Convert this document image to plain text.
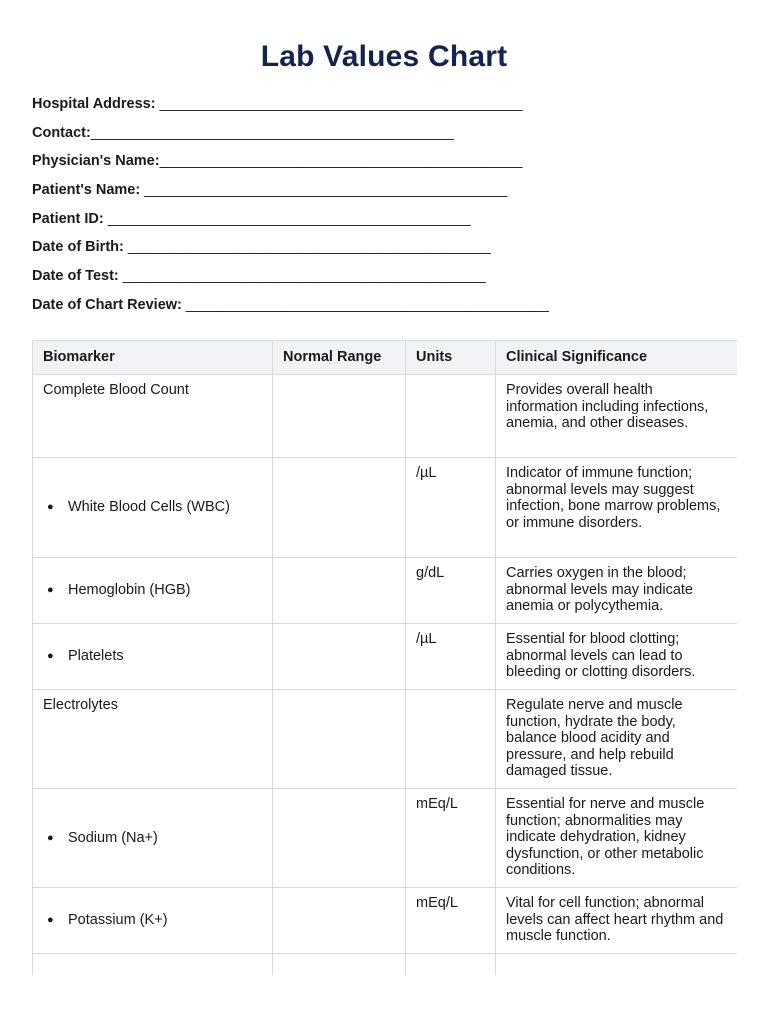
Lab Values Chart
Hospital Address: _____________________________________________
Contact:_____________________________________________
Physician's Name:_____________________________________________
Patient's Name: _____________________________________________
Patient ID: _____________________________________________
Date of Birth: _____________________________________________
Date of Test: _____________________________________________
Date of Chart Review: _____________________________________________
Biomarker	Normal Range	Units	Clinical Significance
Complete Blood Count			Provides overall health information including infections, anemia, and other diseases.
● White Blood Cells (WBC)		/µL	Indicator of immune function; abnormal levels may suggest infection, bone marrow problems, or immune disorders.
● Hemoglobin (HGB)		g/dL	Carries oxygen in the blood; abnormal levels may indicate anemia or polycythemia.
● Platelets		/µL	Essential for blood clotting; abnormal levels can lead to bleeding or clotting disorders.
Electrolytes			Regulate nerve and muscle function, hydrate the body, balance blood acidity and pressure, and help rebuild damaged tissue.
● Sodium (Na+)		mEq/L	Essential for nerve and muscle function; abnormalities may indicate dehydration, kidney dysfunction, or other metabolic conditions.
● Potassium (K+)		mEq/L	Vital for cell function; abnormal levels can affect heart rhythm and muscle function.
